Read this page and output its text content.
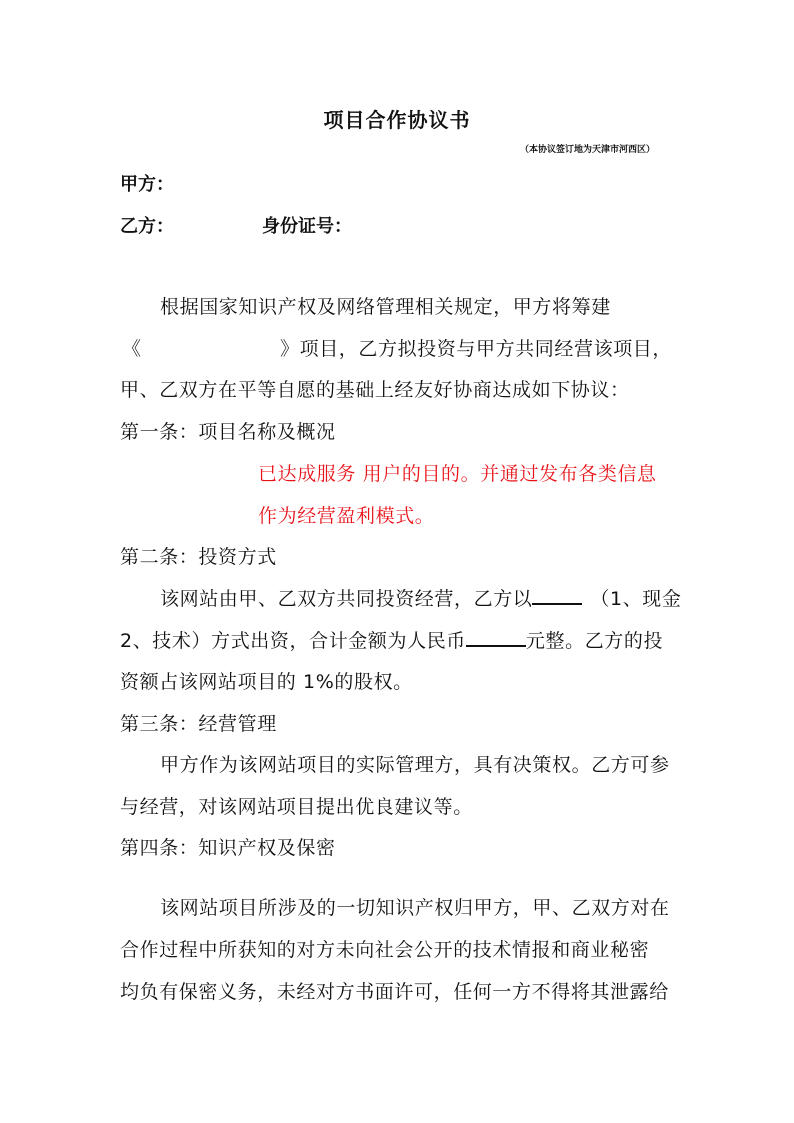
项目合作协议书
（本协议签订地为天津市河西区）
甲方：
乙方：	身份证号：
根据国家知识产权及网络管理相关规定，甲方将筹建
《	》项目，乙方拟投资与甲方共同经营该项目，
甲、乙双方在平等自愿的基础上经友好协商达成如下协议：
第一条：项目名称及概况
已达成服务 用户的目的。并通过发布各类信息
作为经营盈利模式。
第二条：投资方式
该网站由甲、乙双方共同投资经营，乙方以	（1、现金
2、技术）方式出资，合计金额为人民币	元整。乙方的投
资额占该网站项目的 1%的股权。
第三条：经营管理
甲方作为该网站项目的实际管理方，具有决策权。乙方可参
与经营，对该网站项目提出优良建议等。
第四条：知识产权及保密
该网站项目所涉及的一切知识产权归甲方，甲、乙双方对在
合作过程中所获知的对方未向社会公开的技术情报和商业秘密
均负有保密义务，未经对方书面许可，任何一方不得将其泄露给
